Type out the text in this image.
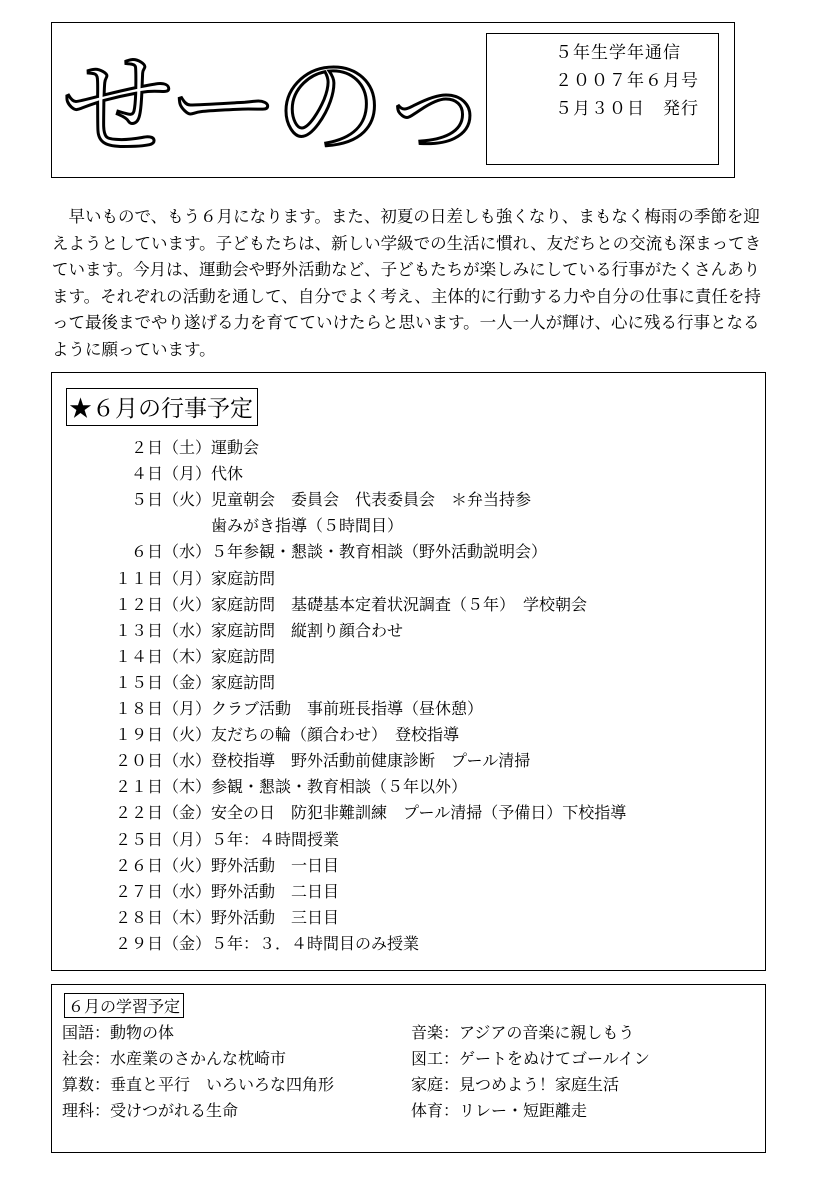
せーのっ	５年生学年通信
２００７年６月号
５月３０日　発行

早いもので、もう６月になります。また、初夏の日差しも強くなり、まもなく梅雨の季節を迎えようとしています。子どもたちは、新しい学級での生活に慣れ、友だちとの交流も深まってきています。今月は、運動会や野外活動など、子どもたちが楽しみにしている行事がたくさんあります。それぞれの活動を通して、自分でよく考え、主体的に行動する力や自分の仕事に責任を持って最後までやり遂げる力を育てていけたらと思います。一人一人が輝け、心に残る行事となるように願っています。

★６月の行事予定
２日（土） 運動会
４日（月） 代休
５日（火） 児童朝会　委員会　代表委員会　＊弁当持参
歯みがき指導（５時間目）
６日（水） ５年参観・懇談・教育相談（野外活動説明会）
１１日（月） 家庭訪問
１２日（火） 家庭訪問　基礎基本定着状況調査（５年）　学校朝会
１３日（水） 家庭訪問　縦割り顔合わせ
１４日（木） 家庭訪問
１５日（金） 家庭訪問
１８日（月） クラブ活動　事前班長指導（昼休憩）
１９日（火） 友だちの輪（顔合わせ）　登校指導
２０日（水） 登校指導　野外活動前健康診断　プール清掃
２１日（木） 参観・懇談・教育相談（５年以外）
２２日（金） 安全の日　防犯非難訓練　プール清掃（予備日）下校指導
２５日（月） ５年：４時間授業
２６日（火） 野外活動　一日目
２７日（水） 野外活動　二日目
２８日（木） 野外活動　三日目
２９日（金） ５年：３．４時間目のみ授業
６月の学習予定
国語：動物の体
社会：水産業のさかんな枕崎市
算数：垂直と平行　いろいろな四角形
理科：受けつがれる生命
音楽：アジアの音楽に親しもう
図工：ゲートをぬけてゴールイン
家庭：見つめよう！家庭生活
体育：リレー・短距離走
